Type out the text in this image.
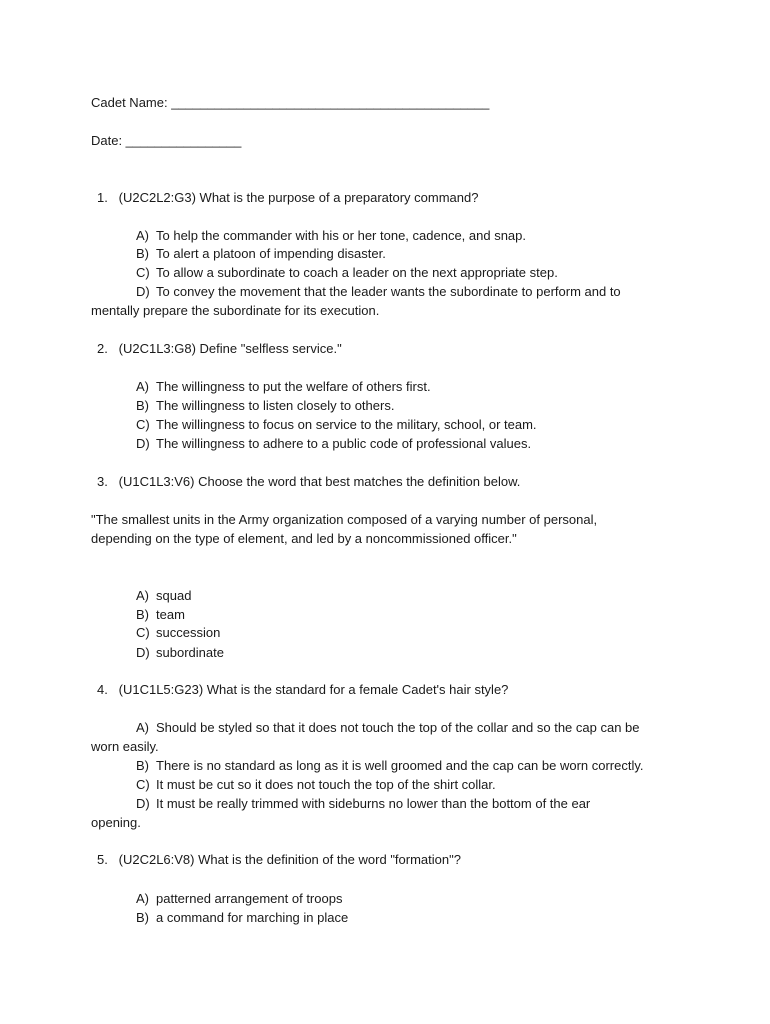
Cadet Name: ____________________________________________
Date: ________________
1. (U2C2L2:G3) What is the purpose of a preparatory command?
A) To help the commander with his or her tone, cadence, and snap.
B) To alert a platoon of impending disaster.
C) To allow a subordinate to coach a leader on the next appropriate step.
D) To convey the movement that the leader wants the subordinate to perform and to
mentally prepare the subordinate for its execution.
2. (U2C1L3:G8) Define "selfless service."
A) The willingness to put the welfare of others first.
B) The willingness to listen closely to others.
C) The willingness to focus on service to the military, school, or team.
D) The willingness to adhere to a public code of professional values.
3. (U1C1L3:V6) Choose the word that best matches the definition below.
"The smallest units in the Army organization composed of a varying number of personal,
depending on the type of element, and led by a noncommissioned officer."
A) squad
B) team
C) succession
D) subordinate
4. (U1C1L5:G23) What is the standard for a female Cadet's hair style?
A) Should be styled so that it does not touch the top of the collar and so the cap can be
worn easily.
B) There is no standard as long as it is well groomed and the cap can be worn correctly.
C) It must be cut so it does not touch the top of the shirt collar.
D) It must be really trimmed with sideburns no lower than the bottom of the ear
opening.
5. (U2C2L6:V8) What is the definition of the word "formation"?
A) patterned arrangement of troops
B) a command for marching in place
